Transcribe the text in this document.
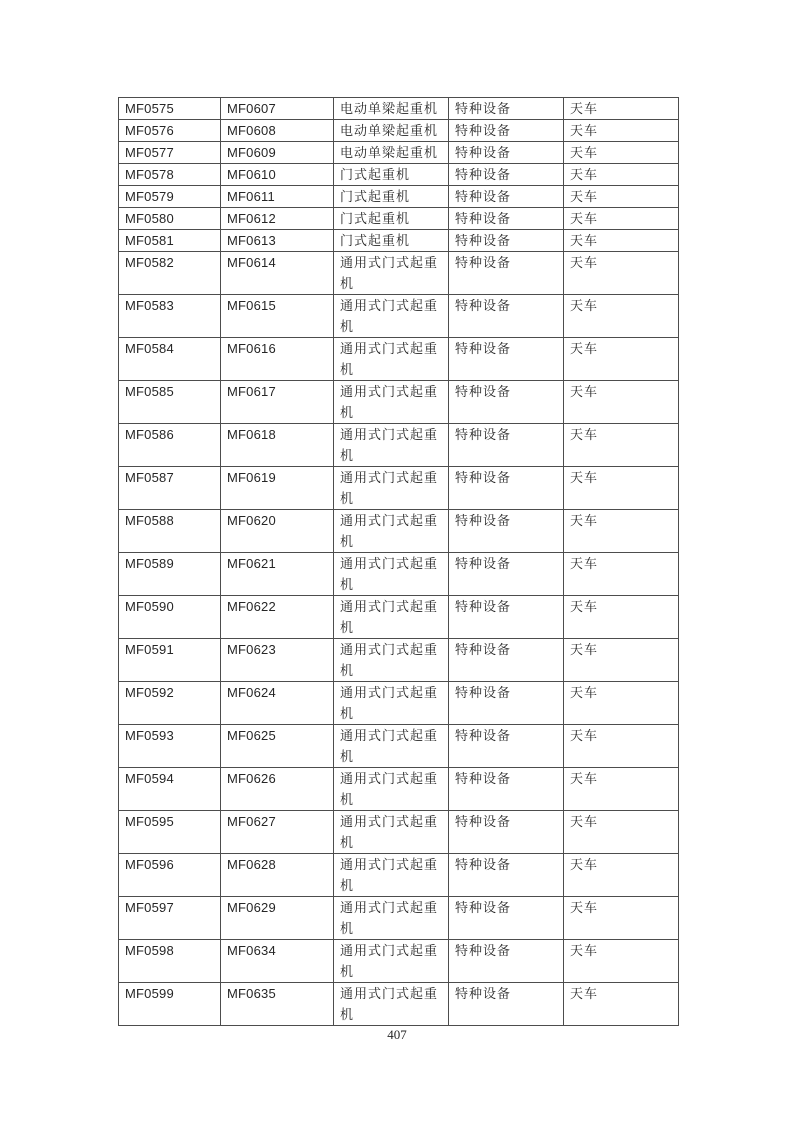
MF0575	MF0607	电动单梁起重机	特种设备	天车
MF0576	MF0608	电动单梁起重机	特种设备	天车
MF0577	MF0609	电动单梁起重机	特种设备	天车
MF0578	MF0610	门式起重机	特种设备	天车
MF0579	MF0611	门式起重机	特种设备	天车
MF0580	MF0612	门式起重机	特种设备	天车
MF0581	MF0613	门式起重机	特种设备	天车
MF0582	MF0614	通用式门式起重机	特种设备	天车
MF0583	MF0615	通用式门式起重机	特种设备	天车
MF0584	MF0616	通用式门式起重机	特种设备	天车
MF0585	MF0617	通用式门式起重机	特种设备	天车
MF0586	MF0618	通用式门式起重机	特种设备	天车
MF0587	MF0619	通用式门式起重机	特种设备	天车
MF0588	MF0620	通用式门式起重机	特种设备	天车
MF0589	MF0621	通用式门式起重机	特种设备	天车
MF0590	MF0622	通用式门式起重机	特种设备	天车
MF0591	MF0623	通用式门式起重机	特种设备	天车
MF0592	MF0624	通用式门式起重机	特种设备	天车
MF0593	MF0625	通用式门式起重机	特种设备	天车
MF0594	MF0626	通用式门式起重机	特种设备	天车
MF0595	MF0627	通用式门式起重机	特种设备	天车
MF0596	MF0628	通用式门式起重机	特种设备	天车
MF0597	MF0629	通用式门式起重机	特种设备	天车
MF0598	MF0634	通用式门式起重机	特种设备	天车
MF0599	MF0635	通用式门式起重机	特种设备	天车
407
